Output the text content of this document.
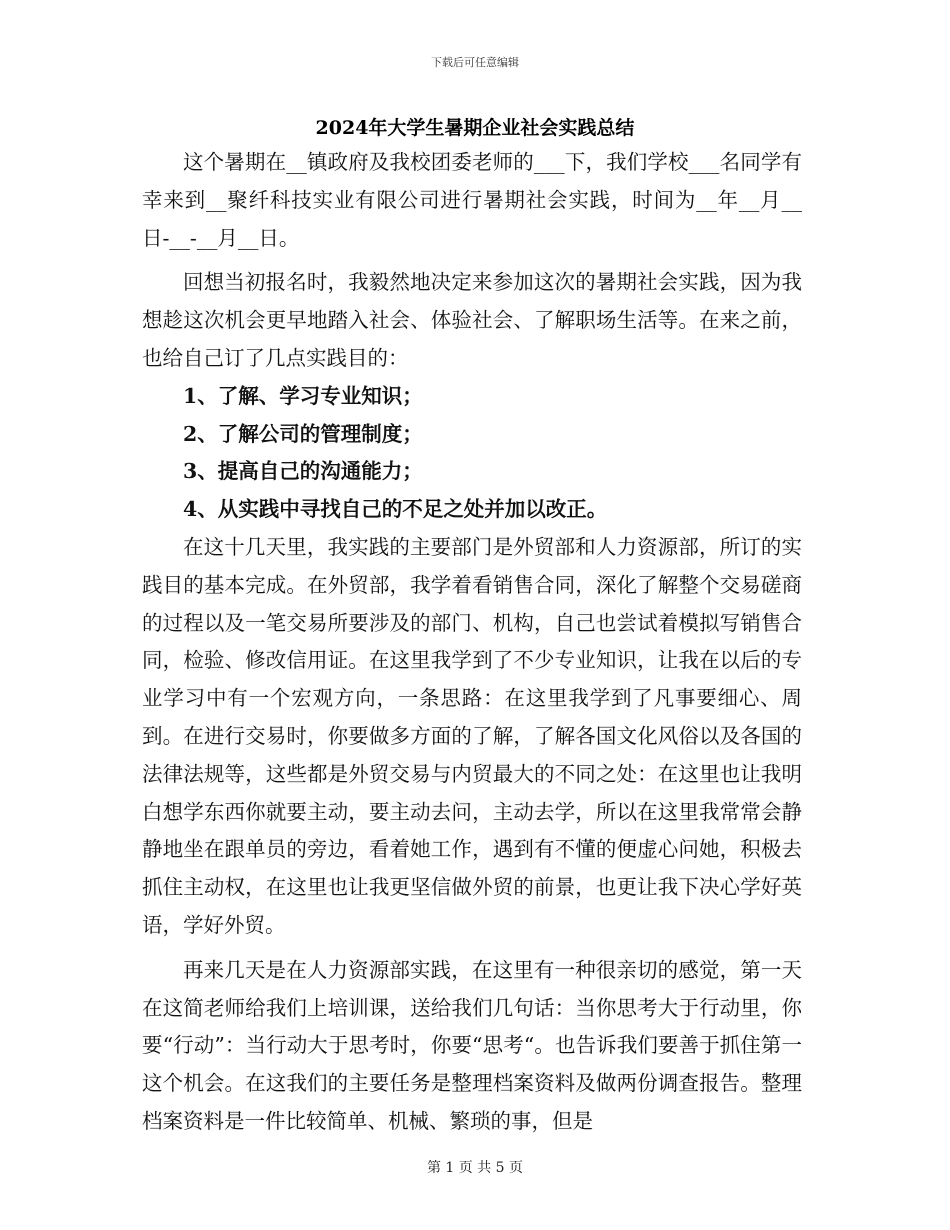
下载后可任意编辑
2024年大学生暑期企业社会实践总结

这个暑期在__镇政府及我校团委老师的___下，我们学校___名同学有幸来到__聚纤科技实业有限公司进行暑期社会实践，时间为__年__月__日-__-__月__日。

回想当初报名时，我毅然地决定来参加这次的暑期社会实践，因为我想趁这次机会更早地踏入社会、体验社会、了解职场生活等。在来之前，也给自己订了几点实践目的：

1、了解、学习专业知识；

2、了解公司的管理制度；

3、提高自己的沟通能力；

4、从实践中寻找自己的不足之处并加以改正。

在这十几天里，我实践的主要部门是外贸部和人力资源部，所订的实践目的基本完成。在外贸部，我学着看销售合同，深化了解整个交易磋商的过程以及一笔交易所要涉及的部门、机构，自己也尝试着模拟写销售合同，检验、修改信用证。在这里我学到了不少专业知识，让我在以后的专业学习中有一个宏观方向，一条思路：在这里我学到了凡事要细心、周到。在进行交易时，你要做多方面的了解，了解各国文化风俗以及各国的法律法规等，这些都是外贸交易与内贸最大的不同之处：在这里也让我明白想学东西你就要主动，要主动去问，主动去学，所以在这里我常常会静静地坐在跟单员的旁边，看着她工作，遇到有不懂的便虚心问她，积极去抓住主动权，在这里也让我更坚信做外贸的前景，也更让我下决心学好英语，学好外贸。

再来几天是在人力资源部实践，在这里有一种很亲切的感觉，第一天在这简老师给我们上培训课，送给我们几句话：当你思考大于行动里，你要“行动”：当行动大于思考时，你要“思考“。也告诉我们要善于抓住第一这个机会。在这我们的主要任务是整理档案资料及做两份调查报告。整理档案资料是一件比较简单、机械、繁琐的事，但是

第 1 页 共 5 页
